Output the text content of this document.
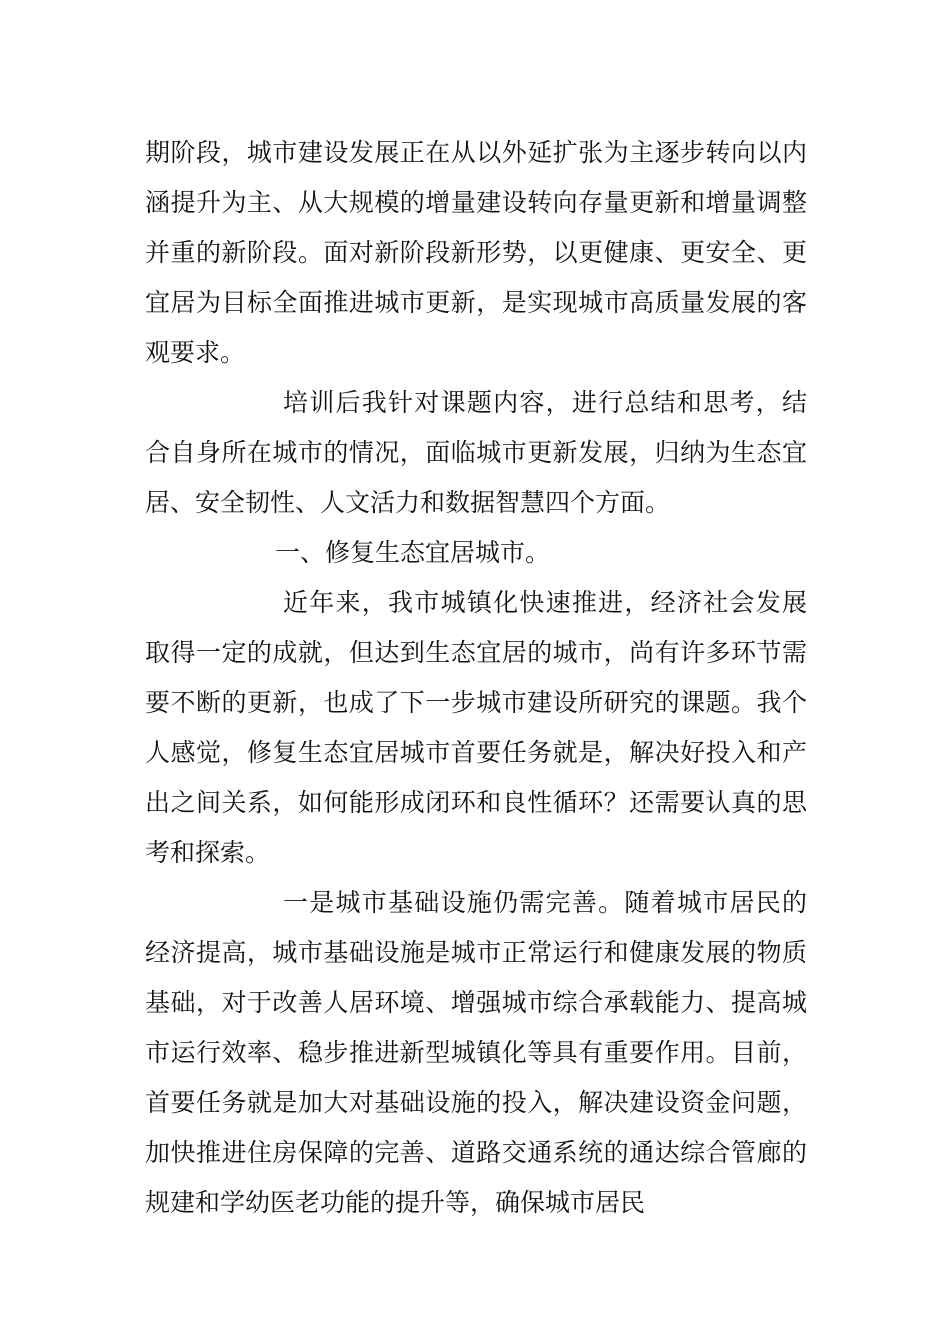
期阶段，城市建设发展正在从以外延扩张为主逐步转向以内涵提升为主、从大规模的增量建设转向存量更新和增量调整并重的新阶段。面对新阶段新形势，以更健康、更安全、更宜居为目标全面推进城市更新，是实现城市高质量发展的客观要求。

培训后我针对课题内容，进行总结和思考，结合自身所在城市的情况，面临城市更新发展，归纳为生态宜居、安全韧性、人文活力和数据智慧四个方面。

一、修复生态宜居城市。

近年来，我市城镇化快速推进，经济社会发展取得一定的成就，但达到生态宜居的城市，尚有许多环节需要不断的更新，也成了下一步城市建设所研究的课题。我个人感觉，修复生态宜居城市首要任务就是，解决好投入和产出之间关系，如何能形成闭环和良性循环？还需要认真的思考和探索。

一是城市基础设施仍需完善。随着城市居民的经济提高，城市基础设施是城市正常运行和健康发展的物质基础，对于改善人居环境、增强城市综合承载能力、提高城市运行效率、稳步推进新型城镇化等具有重要作用。目前，首要任务就是加大对基础设施的投入，解决建设资金问题，加快推进住房保障的完善、道路交通系统的通达综合管廊的规建和学幼医老功能的提升等，确保城市居民
